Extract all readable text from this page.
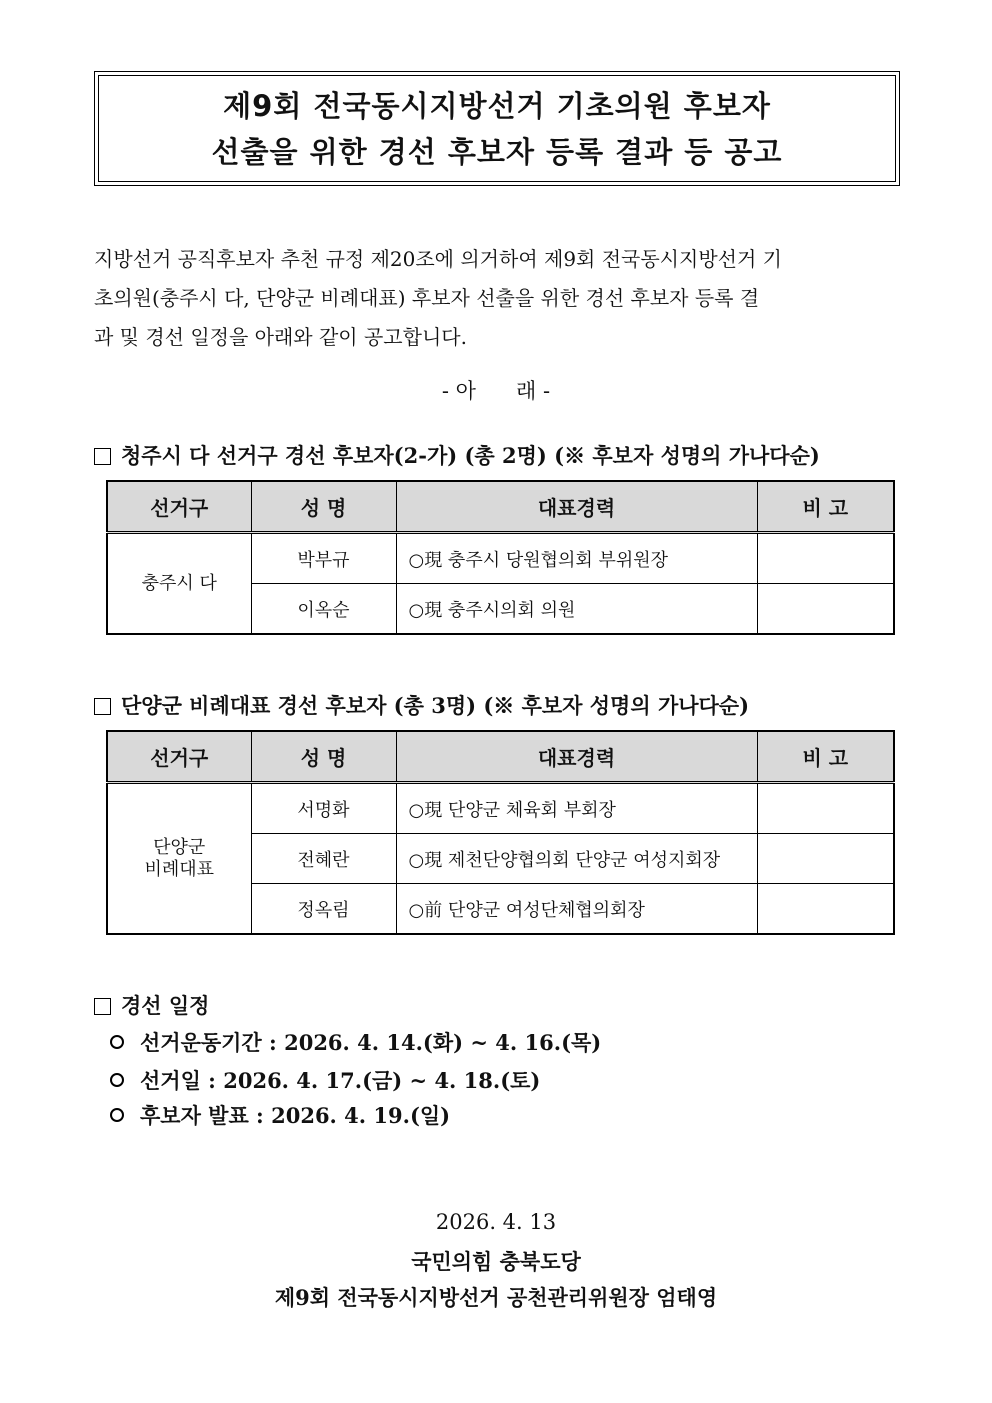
제9회 전국동시지방선거 기초의원 후보자
선출을 위한 경선 후보자 등록 결과 등 공고
지방선거 공직후보자 추천 규정 제20조에 의거하여 제9회 전국동시지방선거 기
초의원(충주시 다, 단양군 비례대표) 후보자 선출을 위한 경선 후보자 등록 결
과 및 경선 일정을 아래와 같이 공고합니다.
- 아      래 -
청주시 다 선거구 경선 후보자(2-가) (총 2명) (※ 후보자 성명의 가나다순)
선거구	성 명	대표경력	비 고
충주시 다	박부규	○現 충주시 당원협의회 부위원장	
	이옥순	○現 충주시의회 의원	
단양군 비례대표 경선 후보자 (총 3명) (※ 후보자 성명의 가나다순)
선거구	성 명	대표경력	비 고
단양군
비례대표	서명화	○現 단양군 체육회 부회장	
	전혜란	○現 제천단양협의회 단양군 여성지회장	
	정옥림	○前 단양군 여성단체협의회장	
경선 일정
선거운동기간 : 2026. 4. 14.(화) ~ 4. 16.(목)
선거일 : 2026. 4. 17.(금) ~ 4. 18.(토)
후보자 발표 : 2026. 4. 19.(일)
2026. 4. 13
국민의힘 충북도당
제9회 전국동시지방선거 공천관리위원장 엄태영
